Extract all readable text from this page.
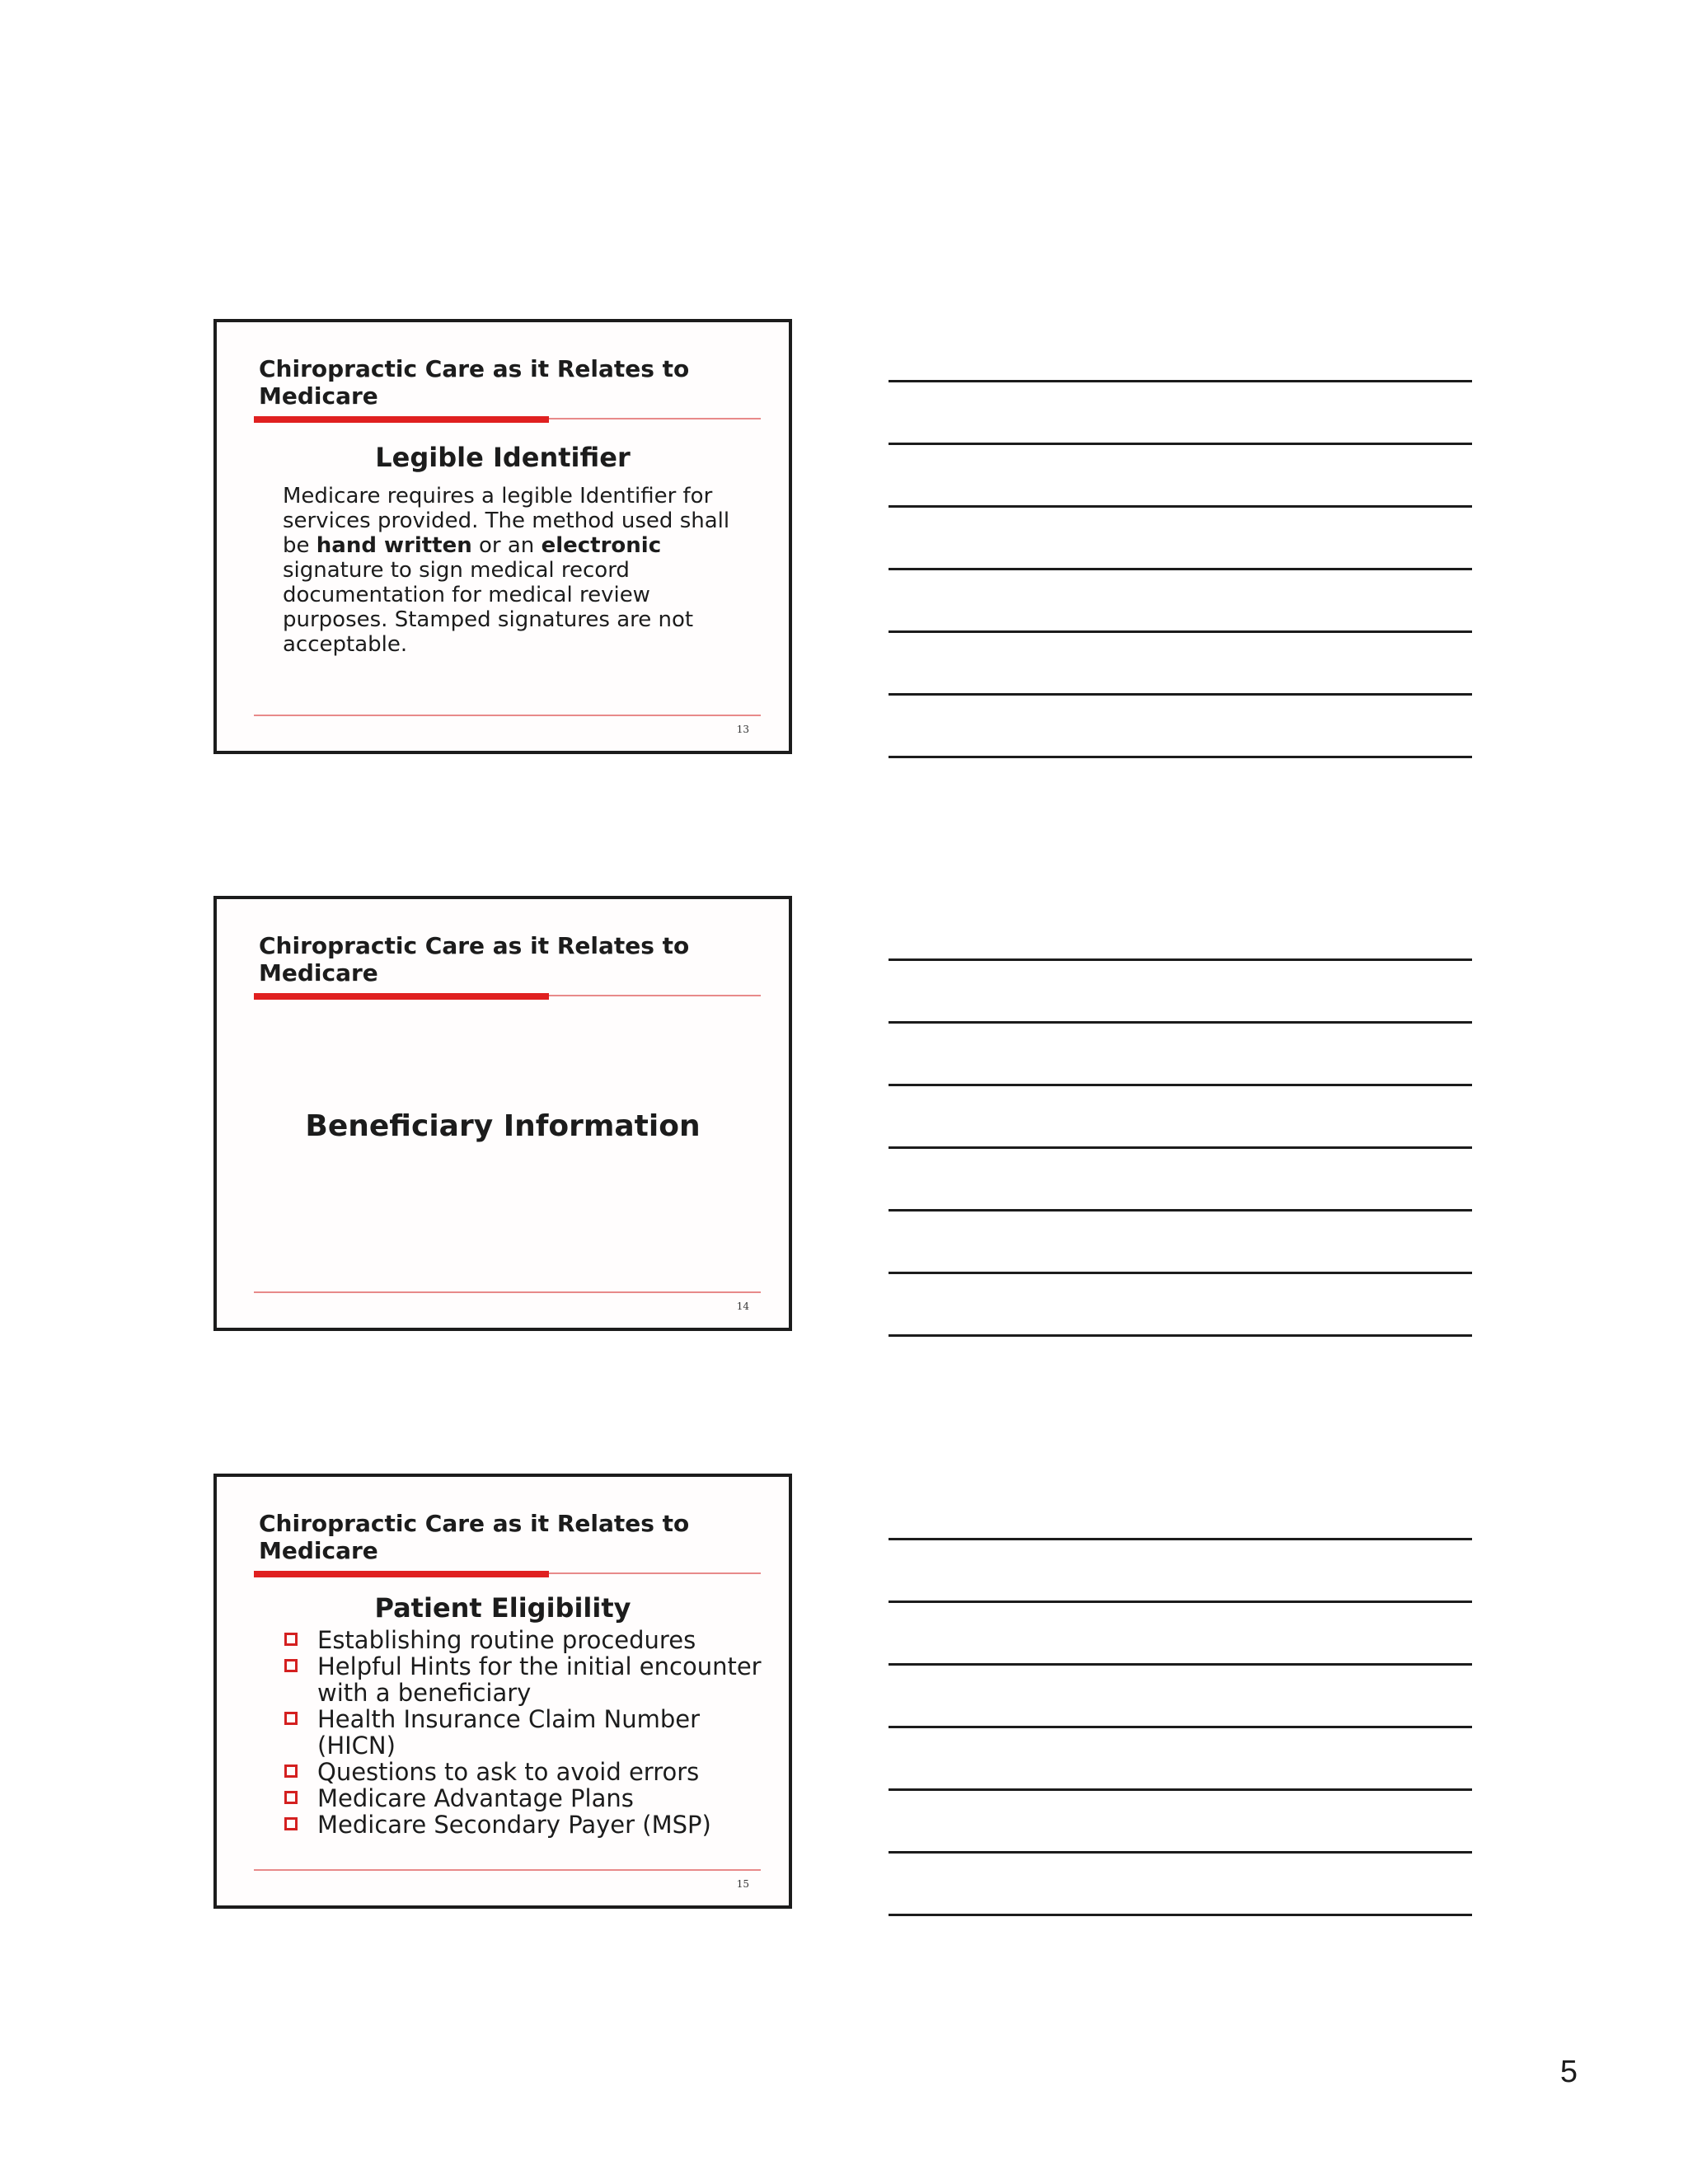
Chiropractic Care as it Relates to Medicare
Legible Identifier
Medicare requires a legible Identifier for services provided. The method used shall be hand written or an electronic signature to sign medical record documentation for medical review purposes. Stamped signatures are not acceptable.
13
Chiropractic Care as it Relates to Medicare
Beneficiary Information
14
Chiropractic Care as it Relates to Medicare
Patient Eligibility
Establishing routine procedures
Helpful Hints for the initial encounter with a beneficiary
Health Insurance Claim Number (HICN)
Questions to ask to avoid errors
Medicare Advantage Plans
Medicare Secondary Payer (MSP)
15
5
